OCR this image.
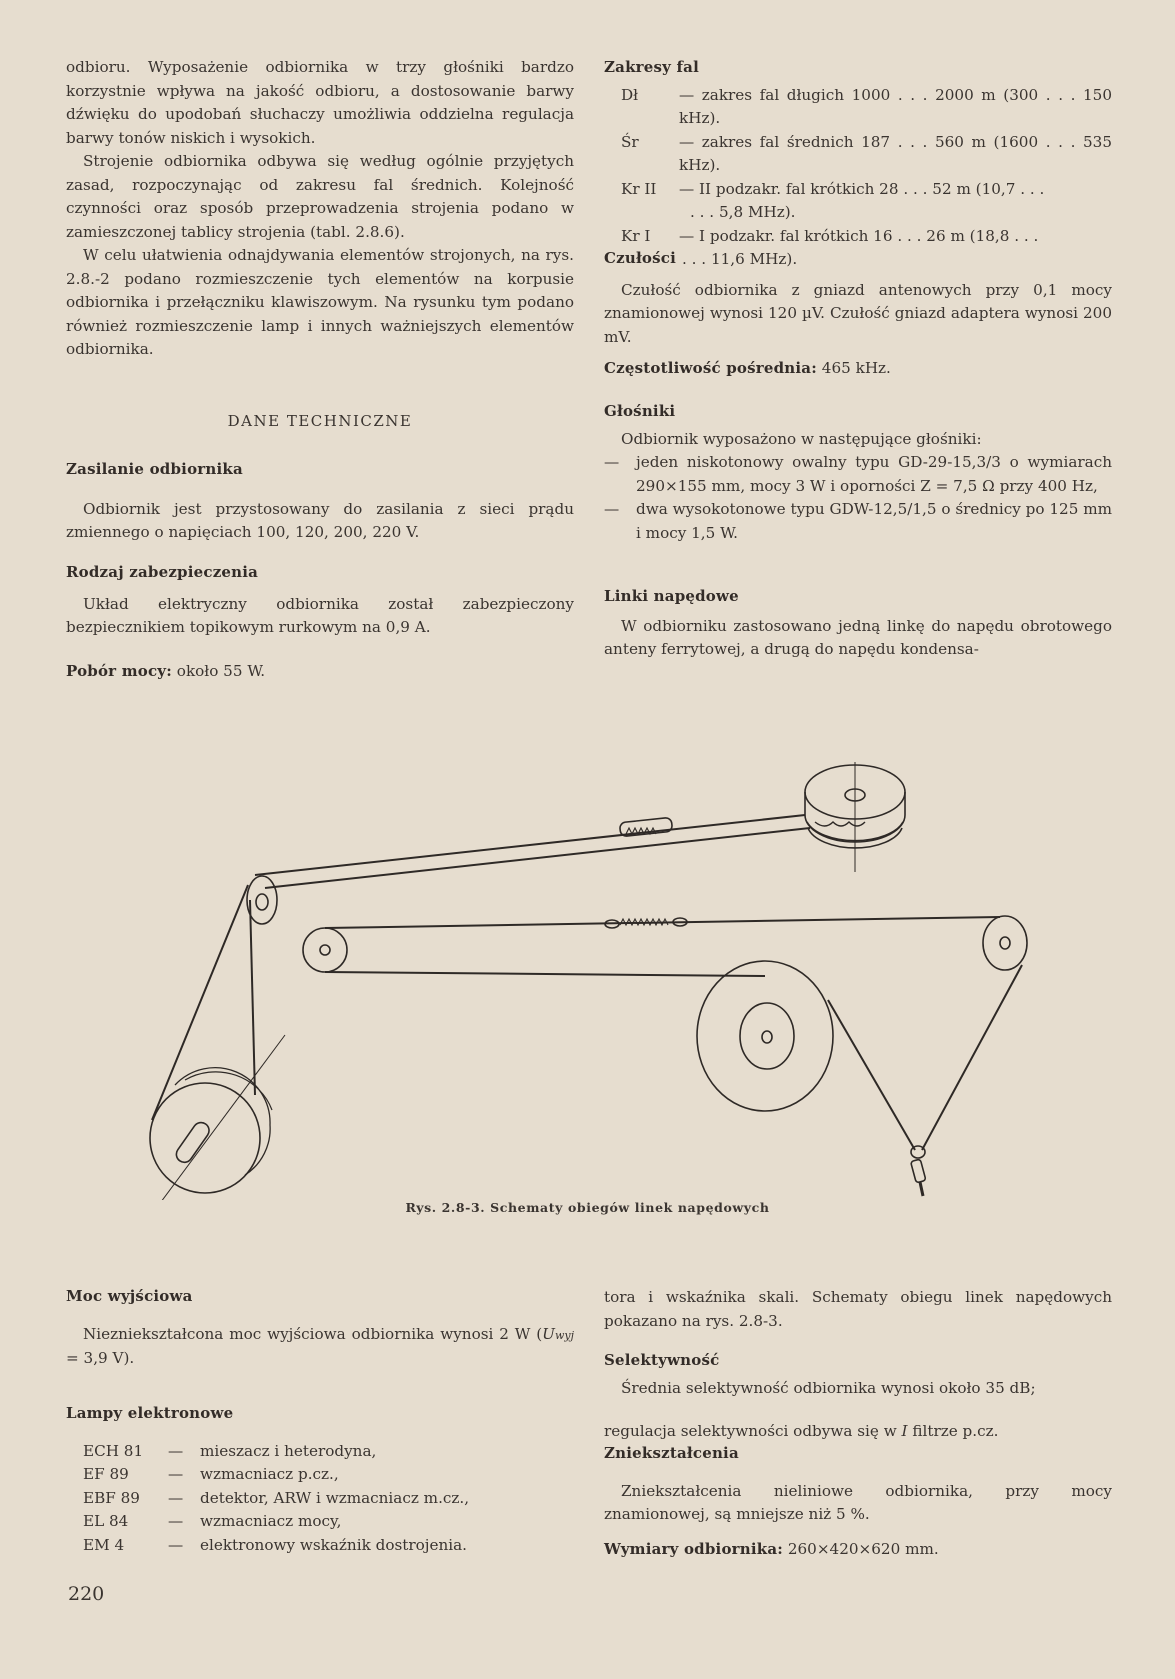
odbioru. Wyposażenie odbiornika w trzy głośniki bardzo korzystnie wpływa na jakość odbioru, a dostosowanie barwy dźwięku do upodobań słuchaczy umożliwia oddzielna regulacja barwy tonów niskich i wysokich.

Strojenie odbiornika odbywa się według ogólnie przyjętych zasad, rozpoczynając od zakresu fal średnich. Kolejność czynności oraz sposób przeprowadzenia strojenia podano w zamieszczonej tablicy strojenia (tabl. 2.8.6).

W celu ułatwienia odnajdywania elementów strojonych, na rys. 2.8.-2 podano rozmieszczenie tych elementów na korpusie odbiornika i przełączniku klawiszowym. Na rysunku tym podano również rozmieszczenie lamp i innych ważniejszych elementów odbiornika.

DANE TECHNICZNE
Zasilanie odbiornika

Odbiornik jest przystosowany do zasilania z sieci prądu zmiennego o napięciach 100, 120, 200, 220 V.

Rodzaj zabezpieczenia

Układ elektryczny odbiornika został zabezpieczony bezpiecznikiem topikowym rurkowym na 0,9 A.

Pobór mocy: około 55 W.
Zakresy fal
Dł	— zakres fal długich 1000 . . . 2000 m (300 . . . 150 kHz).
Śr	— zakres fal średnich 187 . . . 560 m (1600 . . . 535 kHz).
Kr II	— II podzakr. fal krótkich 28 . . . 52 m (10,7 . . .
. . . 5,8 MHz).
Kr I	— I podzakr. fal krótkich 16 . . . 26 m (18,8 . . .
. . . 11,6 MHz).
Czułości

Czułość odbiornika z gniazd antenowych przy 0,1 mocy znamionowej wynosi 120 µV. Czułość gniazd adaptera wynosi 200 mV.

Częstotliwość pośrednia: 465 kHz.
Głośniki

Odbiornik wyposażono w następujące głośniki:

—	jeden niskotonowy owalny typu GD-29-15,3/3 o wymiarach 290×155 mm, mocy 3 W i oporności Z = 7,5 Ω przy 400 Hz,

—	dwa wysokotonowe typu GDW-12,5/1,5 o średnicy po 125 mm i mocy 1,5 W.

Linki napędowe

W odbiorniku zastosowano jedną linkę do napędu obrotowego anteny ferrytowej, a drugą do napędu kondensa-

Rys. 2.8-3. Schematy obiegów linek napędowych
Moc wyjściowa

Niezniekształcona moc wyjściowa odbiornika wynosi 2 W (Uwyj = 3,9 V).

Lampy elektronowe
ECH 81	—	mieszacz i heterodyna,
EF 89	—	wzmacniacz p.cz.,
EBF 89	—	detektor, ARW i wzmacniacz m.cz.,
EL 84	—	wzmacniacz mocy,
EM 4	—	elektronowy wskaźnik dostrojenia.

tora i wskaźnika skali. Schematy obiegu linek napędowych pokazano na rys. 2.8-3.

Selektywność

Średnia selektywność odbiornika wynosi około 35 dB;

regulacja selektywności odbywa się w I filtrze p.cz.

Zniekształcenia

Zniekształcenia nieliniowe odbiornika, przy mocy znamionowej, są mniejsze niż 5 %.

Wymiary odbiornika: 260×420×620 mm.
220
